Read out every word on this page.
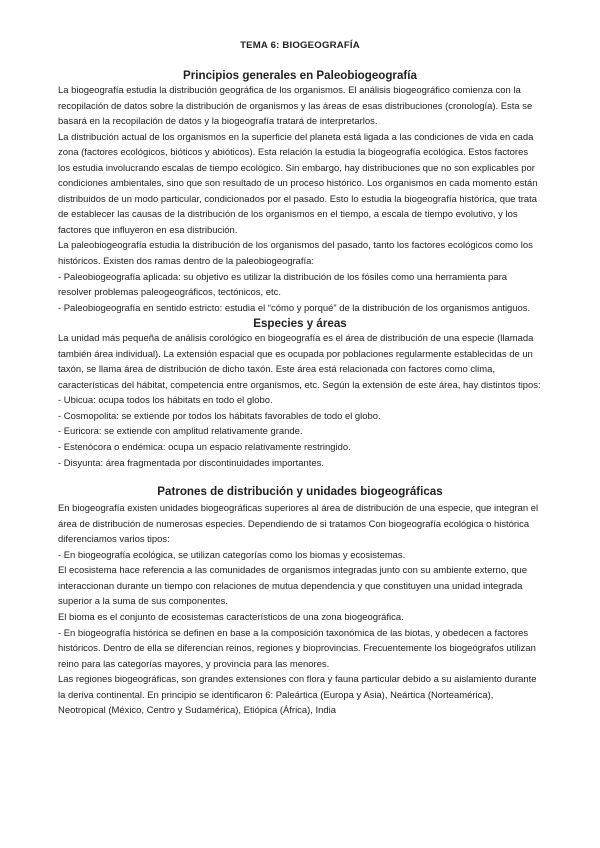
TEMA 6: BIOGEOGRAFÍA
Principios generales en Paleobiogeografía

La biogeografía estudia la distribución geográfica de los organismos. El análisis biogeográfico comienza con la recopilación de datos sobre la distribución de organismos y las áreas de esas distribuciones (cronología). Esta se basará en la recopilación de datos y la biogeografía tratará de interpretarlos.

La distribución actual de los organismos en la superficie del planeta está ligada a las condiciones de vida en cada zona (factores ecológicos, bióticos y abióticos). Esta relación la estudia la biogeografía ecológica. Estos factores los estudia involucrando escalas de tiempo ecológico. Sin embargo, hay distribuciones que no son explicables por condiciones ambientales, sino que son resultado de un proceso histórico. Los organismos en cada momento están distribuidos de un modo particular, condicionados por el pasado. Esto lo estudia la biogeografía histórica, que trata de establecer las causas de la distribución de los organismos en el tiempo, a escala de tiempo evolutivo, y los factores que influyeron en esa distribución.

La paleobiogeografía estudia la distribución de los organismos del pasado, tanto los factores ecológicos como los históricos. Existen dos ramas dentro de la paleobiogeografía:

- Paleobiogeografía aplicada: su objetivo es utilizar la distribución de los fósiles como una herramienta para resolver problemas paleogeográficos, tectónicos, etc.

- Paleobiogeografía en sentido estricto: estudia el “cómo y porqué” de la distribución de los organismos antiguos.

Especies y áreas

La unidad más pequeña de análisis corológico en biogeografía es el área de distribución de una especie (llamada también área individual). La extensión espacial que es ocupada por poblaciones regularmente establecidas de un taxón, se llama área de distribución de dicho taxón. Este área está relacionada con factores como clima, características del hábitat, competencia entre organismos, etc. Según la extensión de este área, hay distintos tipos:

- Ubicua: ocupa todos los hábitats en todo el globo.

- Cosmopolita: se extiende por todos los hábitats favorables de todo el globo.

- Euricora: se extiende con amplitud relativamente grande.

- Estenócora o endémica: ocupa un espacio relativamente restringido.

- Disyunta: área fragmentada por discontinuidades importantes.

Patrones de distribución y unidades biogeográficas

En biogeografía existen unidades biogeográficas superiores al área de distribución de una especie, que integran el área de distribución de numerosas especies. Dependiendo de si tratamos Con biogeografía ecológica o histórica diferenciamos varios tipos:

- En biogeografía ecológica, se utilizan categorías como los biomas y ecosistemas.

El ecosistema hace referencia a las comunidades de organismos integradas junto con su ambiente externo, que interaccionan durante un tiempo con relaciones de mutua dependencia y que constituyen una unidad integrada superior a la suma de sus componentes.

El bioma es el conjunto de ecosistemas característicos de una zona biogeográfica.

- En biogeografía histórica se definen en base a la composición taxonómica de las biotas, y obedecen a factores históricos. Dentro de ella se diferencian reinos, regiones y bioprovincias. Frecuentemente los biogeógrafos utilizan reino para las categorías mayores, y provincia para las menores.

Las regiones biogeográficas, son grandes extensiones con flora y fauna particular debido a su aislamiento durante la deriva continental. En principio se identificaron 6: Paleártica (Europa y Asia), Neártica (Norteamérica), Neotropical (México, Centro y Sudamérica), Etiópica (África), India
